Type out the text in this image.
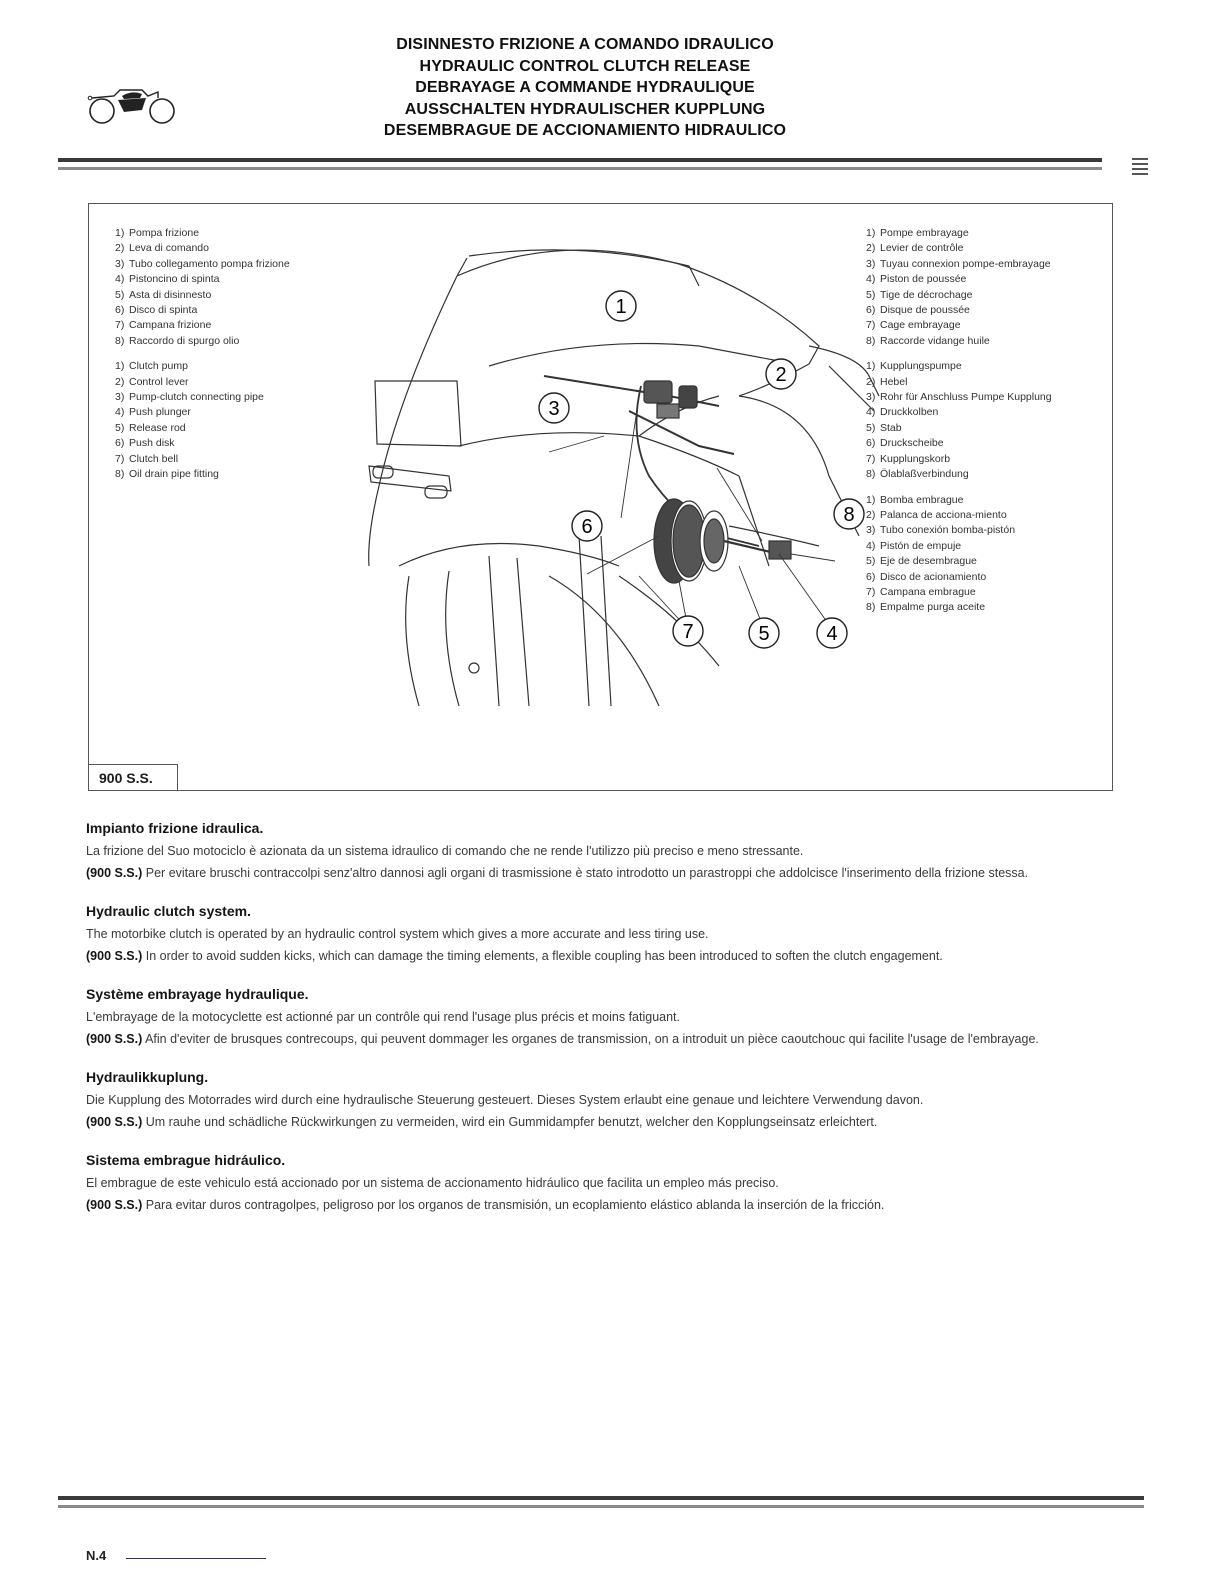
DISINNESTO FRIZIONE A COMANDO IDRAULICO
HYDRAULIC CONTROL CLUTCH RELEASE
DEBRAYAGE A COMMANDE HYDRAULIQUE
AUSSCHALTEN HYDRAULISCHER KUPPLUNG
DESEMBRAGUE DE ACCIONAMIENTO HIDRAULICO
1) Pompa frizione
2) Leva di comando
3) Tubo collegamento pompa frizione
4) Pistoncino di spinta
5) Asta di disinnesto
6) Disco di spinta
7) Campana frizione
8) Raccordo di spurgo olio
1) Clutch pump
2) Control lever
3) Pump-clutch connecting pipe
4) Push plunger
5) Release rod
6) Push disk
7) Clutch bell
8) Oil drain pipe fitting
1) Pompe embrayage
2) Levier de contrôle
3) Tuyau connexion pompe-embrayage
4) Piston de poussée
5) Tige de décrochage
6) Disque de poussée
7) Cage embrayage
8) Raccorde vidange huile
1) Kupplungspumpe
2) Hebel
3) Rohr für Anschluss Pumpe Kupplung
4) Druckkolben
5) Stab
6) Druckscheibe
7) Kupplungskorb
8) Ölablaßverbindung
1) Bomba embrague
2) Palanca de acciona-miento
3) Tubo conexión bomba-pistón
4) Pistón de empuje
5) Eje de desembrague
6) Disco de acionamiento
7) Campana embrague
8) Empalme purga aceite
1
2
3
4
5
6
7
8
900 S.S.
Impianto frizione idraulica.

La frizione del Suo motociclo è azionata da un sistema idraulico di comando che ne rende l'utilizzo più preciso e meno stressante.

(900 S.S.) Per evitare bruschi contraccolpi senz'altro dannosi agli organi di trasmissione è stato introdotto un parastroppi che addolcisce l'inserimento della frizione stessa.

Hydraulic clutch system.

The motorbike clutch is operated by an hydraulic control system which gives a more accurate and less tiring use.

(900 S.S.) In order to avoid sudden kicks, which can damage the timing elements, a flexible coupling has been introduced to soften the clutch engagement.

Système embrayage hydraulique.

L'embrayage de la motocyclette est actionné par un contrôle qui rend l'usage plus précis et moins fatiguant.

(900 S.S.) Afin d'eviter de brusques contrecoups, qui peuvent dommager les organes de transmission, on a introduit un pièce caoutchouc qui facilite l'usage de l'embrayage.

Hydraulikkuplung.

Die Kupplung des Motorrades wird durch eine hydraulische Steuerung gesteuert. Dieses System erlaubt eine genaue und leichtere Verwendung davon.

(900 S.S.) Um rauhe und schädliche Rückwirkungen zu vermeiden, wird ein Gummidampfer benutzt, welcher den Kopplungseinsatz erleichtert.

Sistema embrague hidráulico.

El embrague de este vehiculo está accionado por un sistema de accionamento hidráulico que facilita un empleo más preciso.

(900 S.S.) Para evitar duros contragolpes, peligroso por los organos de transmisión, un ecoplamiento elástico ablanda la inserción de la fricción.

N.4
